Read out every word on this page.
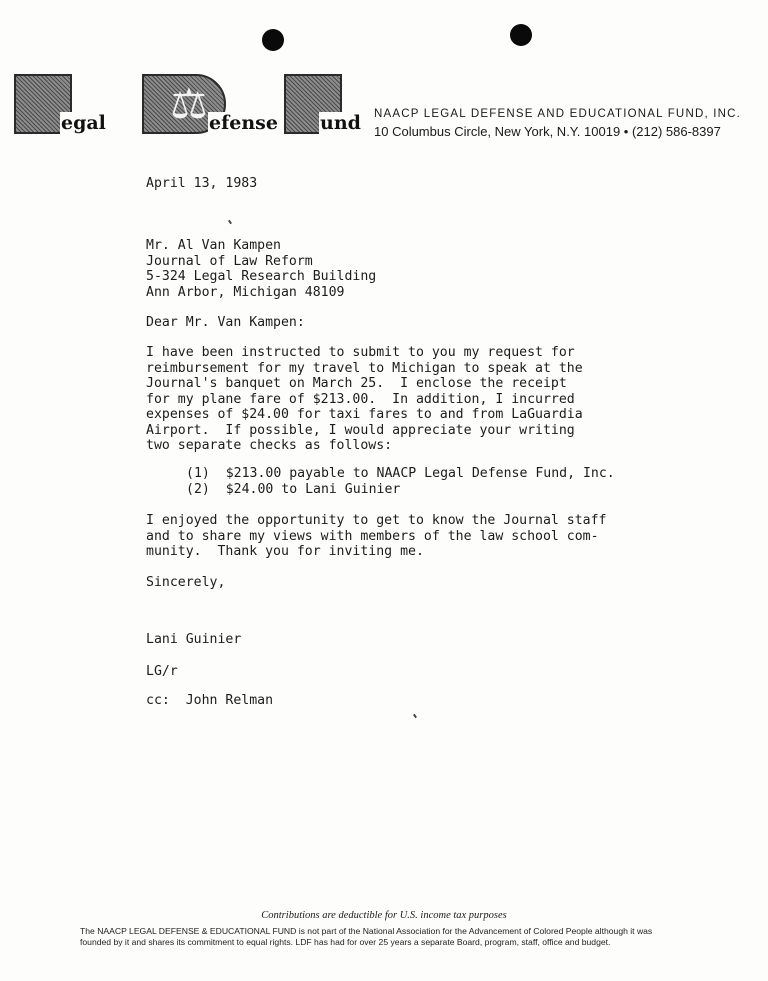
⚖
egal	efense und NAACP LEGAL DEFENSE AND EDUCATIONAL FUND, INC.
10 Columbus Circle, New York, N.Y. 10019 • (212) 586-8397
April 13, 1983
Mr. Al Van Kampen
Journal of Law Reform
5-324 Legal Research Building
Ann Arbor, Michigan 48109
Dear Mr. Van Kampen:
I have been instructed to submit to you my request for
reimbursement for my travel to Michigan to speak at the
Journal's banquet on March 25.  I enclose the receipt
for my plane fare of $213.00.  In addition, I incurred
expenses of $24.00 for taxi fares to and from LaGuardia
Airport.  If possible, I would appreciate your writing
two separate checks as follows:
(1)  $213.00 payable to NAACP Legal Defense Fund, Inc.
(2)  $24.00 to Lani Guinier
I enjoyed the opportunity to get to know the Journal staff
and to share my views with members of the law school com-
munity.  Thank you for inviting me.
Sincerely,
Lani Guinier
LG/r
cc:  John Relman
Contributions are deductible for U.S. income tax purposes
The NAACP LEGAL DEFENSE & EDUCATIONAL FUND is not part of the National Association for the Advancement of Colored People although it was founded by it and shares its commitment to equal rights. LDF has had for over 25 years a separate Board, program, staff, office and budget.
